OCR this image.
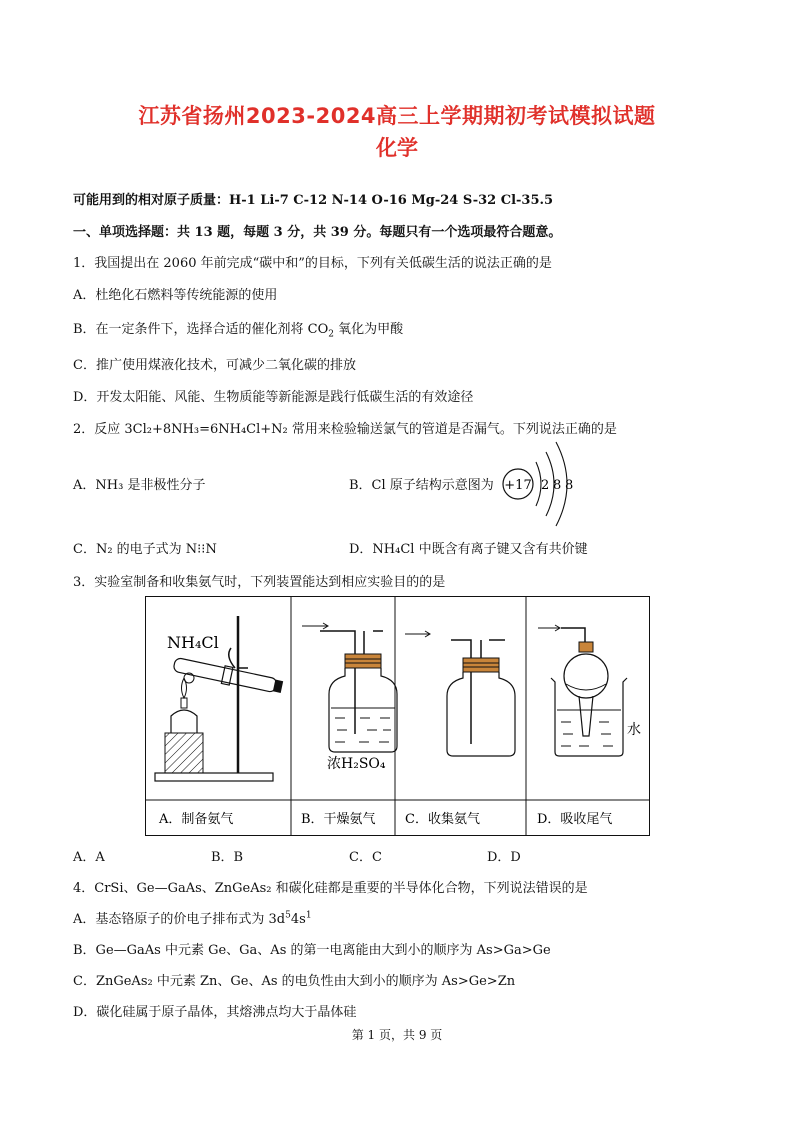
江苏省扬州2023-2024高三上学期期初考试模拟试题
化学
可能用到的相对原子质量：H-1 Li-7 C-12 N-14 O-16 Mg-24 S-32 Cl-35.5
一、单项选择题：共 13 题，每题 3 分，共 39 分。每题只有一个选项最符合题意。
1．我国提出在 2060 年前完成“碳中和”的目标，下列有关低碳生活的说法正确的是
A．杜绝化石燃料等传统能源的使用
B．在一定条件下，选择合适的催化剂将 $CO_2$ 氧化为甲酸
C．推广使用煤液化技术，可减少二氧化碳的排放
D．开发太阳能、风能、生物质能等新能源是践行低碳生活的有效途径
2．反应 3Cl₂+8NH₃=6NH₄Cl+N₂ 常用来检验输送氯气的管道是否漏气。下列说法正确的是
A．NH₃ 是非极性分子	B．Cl 原子结构示意图为 +17 2 8 8
C．N₂ 的电子式为 N⁝⁝N	D．NH₄Cl 中既含有离子键又含有共价键
3．实验室制备和收集氨气时，下列装置能达到相应实验目的的是
NH₄Cl
浓H₂SO₄
水
A．制备氨气	B．干燥氨气 C．收集氨气	D．吸收尾气
A．A	B．B	C．C	D．D
4．CrSi、Ge—GaAs、ZnGeAs₂ 和碳化硅都是重要的半导体化合物，下列说法错误的是
A．基态铬原子的价电子排布式为 $3d^54s^1$
B．Ge—GaAs 中元素 Ge、Ga、As 的第一电离能由大到小的顺序为 As>Ga>Ge
C．ZnGeAs₂ 中元素 Zn、Ge、As 的电负性由大到小的顺序为 As>Ge>Zn
D．碳化硅属于原子晶体，其熔沸点均大于晶体硅
第 1 页，共 9 页
